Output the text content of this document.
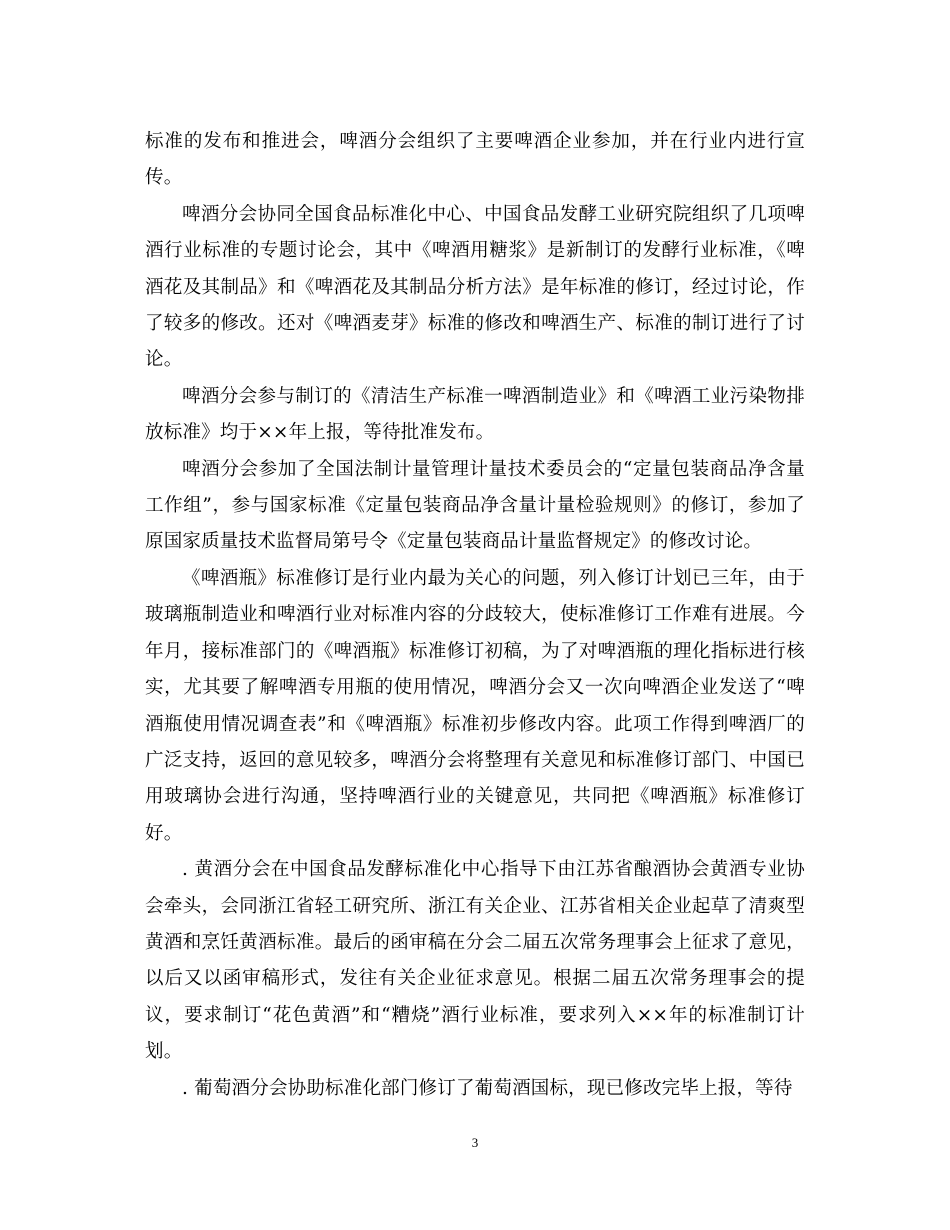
标准的发布和推进会，啤酒分会组织了主要啤酒企业参加，并在行业内进行宣传。

啤酒分会协同全国食品标准化中心、中国食品发酵工业研究院组织了几项啤酒行业标准的专题讨论会，其中《啤酒用糖浆》是新制订的发酵行业标准，《啤酒花及其制品》和《啤酒花及其制品分析方法》是年标准的修订，经过讨论，作了较多的修改。还对《啤酒麦芽》标准的修改和啤酒生产、标准的制订进行了讨论。

啤酒分会参与制订的《清洁生产标准一啤酒制造业》和《啤酒工业污染物排放标准》均于××年上报，等待批准发布。

啤酒分会参加了全国法制计量管理计量技术委员会的“定量包装商品净含量工作组”，参与国家标准《定量包装商品净含量计量检验规则》的修订，参加了原国家质量技术监督局第号令《定量包装商品计量监督规定》的修改讨论。

《啤酒瓶》标准修订是行业内最为关心的问题，列入修订计划已三年，由于玻璃瓶制造业和啤酒行业对标准内容的分歧较大，使标准修订工作难有进展。今年月，接标准部门的《啤酒瓶》标准修订初稿，为了对啤酒瓶的理化指标进行核实，尤其要了解啤酒专用瓶的使用情况，啤酒分会又一次向啤酒企业发送了“啤酒瓶使用情况调查表”和《啤酒瓶》标准初步修改内容。此项工作得到啤酒厂的广泛支持，返回的意见较多，啤酒分会将整理有关意见和标准修订部门、中国已用玻璃协会进行沟通，坚持啤酒行业的关键意见，共同把《啤酒瓶》标准修订好。

. 黄酒分会在中国食品发酵标准化中心指导下由江苏省酿酒协会黄酒专业协会牵头，会同浙江省轻工研究所、浙江有关企业、江苏省相关企业起草了清爽型黄酒和烹饪黄酒标准。最后的函审稿在分会二届五次常务理事会上征求了意见，以后又以函审稿形式，发往有关企业征求意见。根据二届五次常务理事会的提议，要求制订“花色黄酒”和“糟烧”酒行业标准，要求列入××年的标准制订计划。

. 葡萄酒分会协助标准化部门修订了葡萄酒国标，现已修改完毕上报，等待

3
